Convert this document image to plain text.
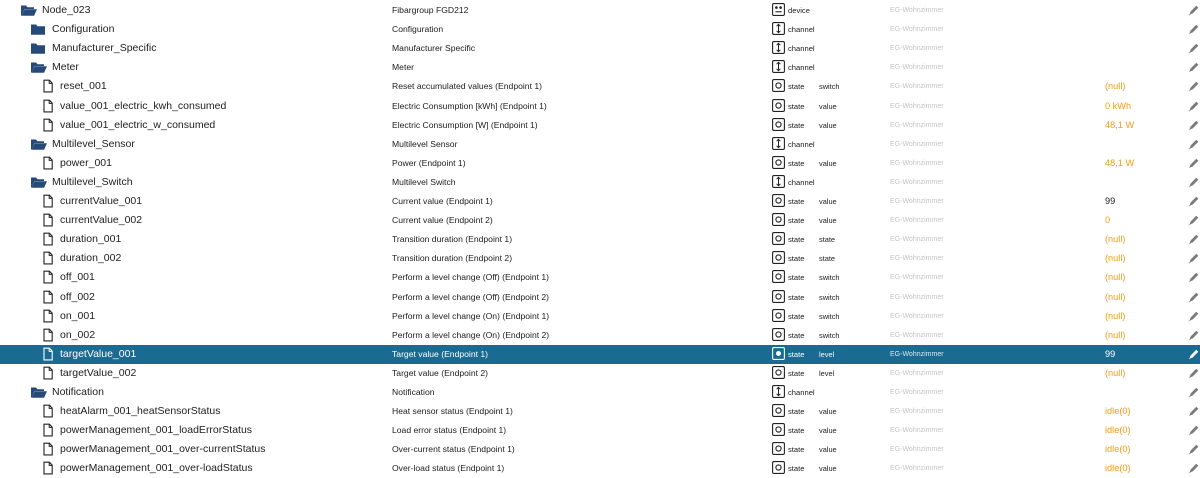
Node_023	Fibargroup FGD212	device	EG-Wohnzimmer
Configuration	Configuration	channel	EG-Wohnzimmer
Manufacturer_Specific	Manufacturer Specific	channel	EG-Wohnzimmer
Meter	Meter	channel	EG-Wohnzimmer
reset_001	Reset accumulated values (Endpoint 1)	state	switch	EG-Wohnzimmer	(null)
value_001_electric_kwh_consumed	Electric Consumption [kWh] (Endpoint 1)	state	value	EG-Wohnzimmer	0 kWh
value_001_electric_w_consumed	Electric Consumption [W] (Endpoint 1)	state	value	EG-Wohnzimmer	48,1 W
Multilevel_Sensor	Multilevel Sensor	channel	EG-Wohnzimmer
power_001	Power (Endpoint 1)	state	value	EG-Wohnzimmer	48,1 W
Multilevel_Switch	Multilevel Switch	channel	EG-Wohnzimmer
currentValue_001	Current value (Endpoint 1)	state	value	EG-Wohnzimmer	99
currentValue_002	Current value (Endpoint 2)	state	value	EG-Wohnzimmer	0
duration_001	Transition duration (Endpoint 1)	state	state	EG-Wohnzimmer	(null)
duration_002	Transition duration (Endpoint 2)	state	state	EG-Wohnzimmer	(null)
off_001	Perform a level change (Off) (Endpoint 1)	state	switch	EG-Wohnzimmer	(null)
off_002	Perform a level change (Off) (Endpoint 2)	state	switch	EG-Wohnzimmer	(null)
on_001	Perform a level change (On) (Endpoint 1)	state	switch	EG-Wohnzimmer	(null)
on_002	Perform a level change (On) (Endpoint 2)	state	switch	EG-Wohnzimmer	(null)
targetValue_001	Target value (Endpoint 1)	state	level	EG-Wohnzimmer	99
targetValue_002	Target value (Endpoint 2)	state	level	EG-Wohnzimmer	(null)
Notification	Notification	channel	EG-Wohnzimmer
heatAlarm_001_heatSensorStatus	Heat sensor status (Endpoint 1)	state	value	EG-Wohnzimmer	idle(0)
powerManagement_001_loadErrorStatus	Load error status (Endpoint 1)	state	value	EG-Wohnzimmer	idle(0)
powerManagement_001_over-currentStatus	Over-current status (Endpoint 1)	state	value	EG-Wohnzimmer	idle(0)
powerManagement_001_over-loadStatus	Over-load status (Endpoint 1)	state	value	EG-Wohnzimmer	idle(0)
